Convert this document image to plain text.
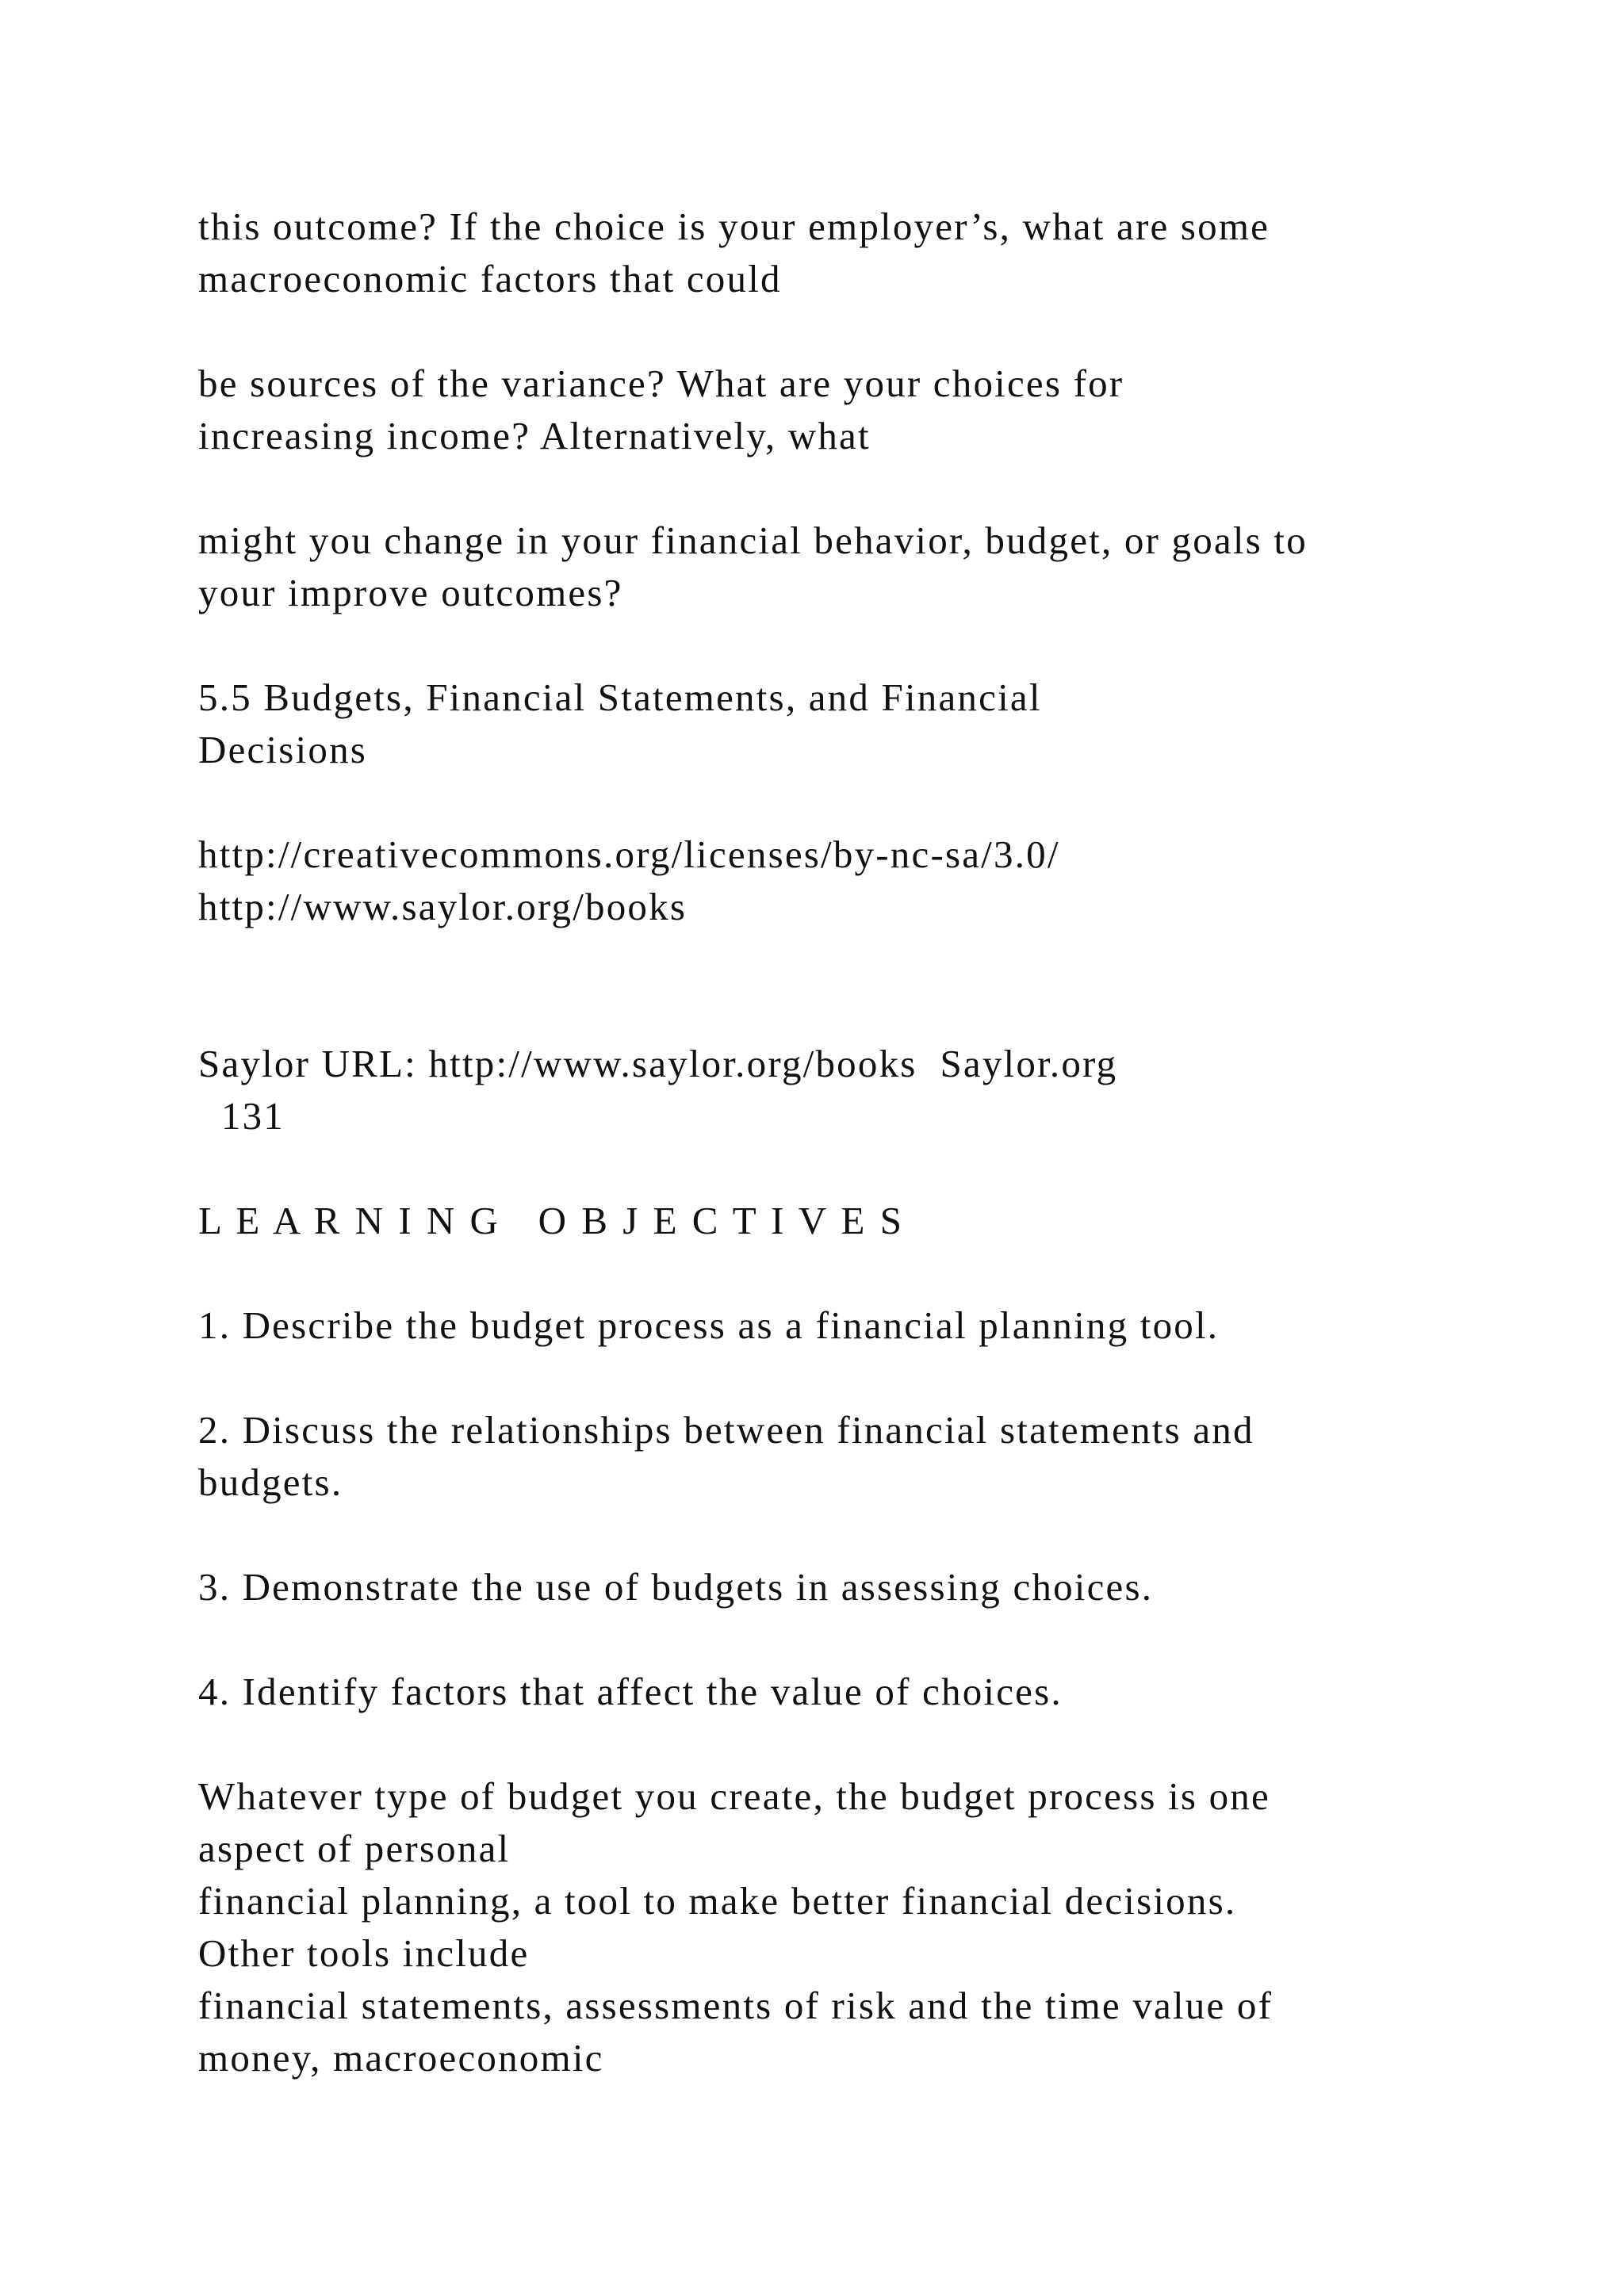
this outcome? If the choice is your employer’s, what are some

macroeconomic factors that could

be sources of the variance? What are your choices for

increasing income? Alternatively, what

might you change in your financial behavior, budget, or goals to

your improve outcomes?

5.5 Budgets, Financial Statements, and Financial

Decisions

http://creativecommons.org/licenses/by-nc-sa/3.0/

http://www.saylor.org/books

Saylor URL: http://www.saylor.org/books  Saylor.org

131

L E A R N I N G   O B J E C T I V E S

1. Describe the budget process as a financial planning tool.

2. Discuss the relationships between financial statements and

budgets.

3. Demonstrate the use of budgets in assessing choices.

4. Identify factors that affect the value of choices.

Whatever type of budget you create, the budget process is one

aspect of personal

financial planning, a tool to make better financial decisions.

Other tools include

financial statements, assessments of risk and the time value of

money, macroeconomic
